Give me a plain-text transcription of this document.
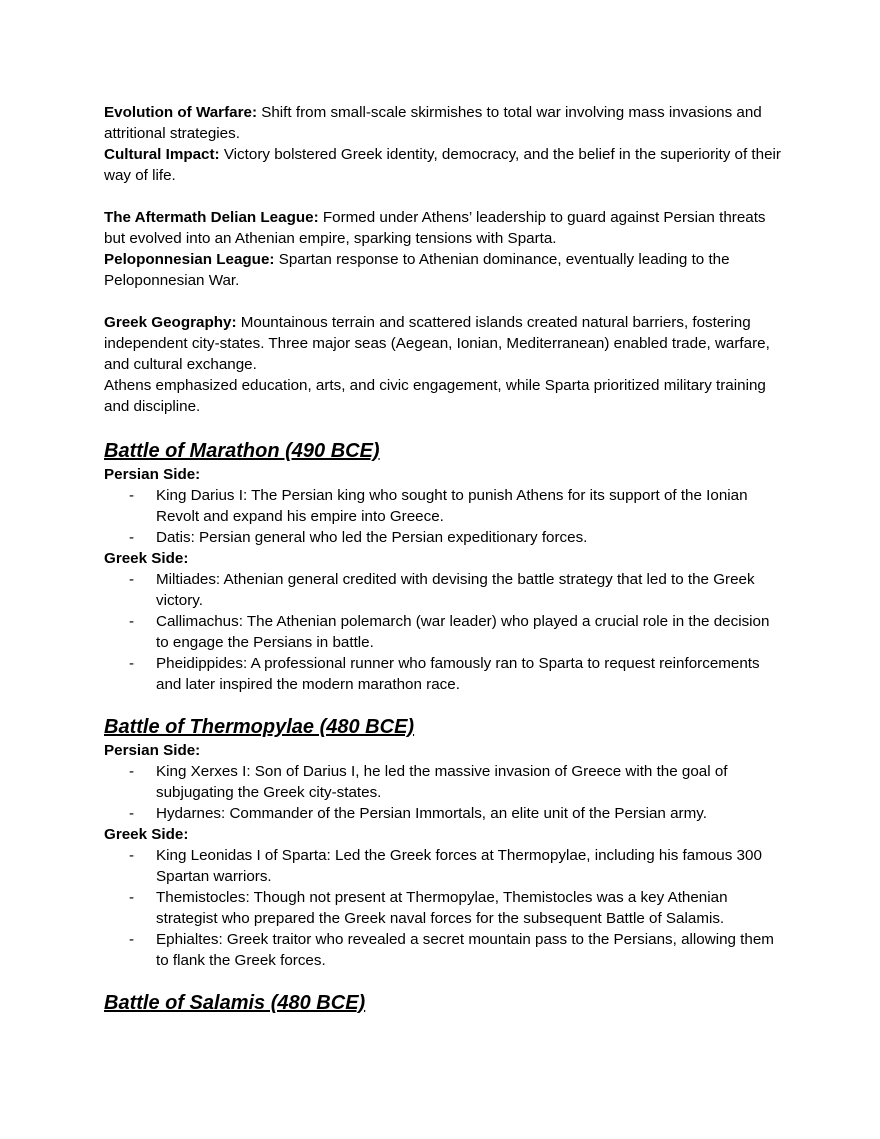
Evolution of Warfare: Shift from small-scale skirmishes to total war involving mass invasions and attritional strategies.

Cultural Impact: Victory bolstered Greek identity, democracy, and the belief in the superiority of their way of life.

The Aftermath Delian League: Formed under Athens’ leadership to guard against Persian threats but evolved into an Athenian empire, sparking tensions with Sparta.

Peloponnesian League: Spartan response to Athenian dominance, eventually leading to the Peloponnesian War.

Greek Geography: Mountainous terrain and scattered islands created natural barriers, fostering independent city-states. Three major seas (Aegean, Ionian, Mediterranean) enabled trade, warfare, and cultural exchange.

Athens emphasized education, arts, and civic engagement, while Sparta prioritized military training and discipline.

Battle of Marathon (490 BCE)

Persian Side:

- King Darius I: The Persian king who sought to punish Athens for its support of the Ionian Revolt and expand his empire into Greece.
- Datis: Persian general who led the Persian expeditionary forces.

Greek Side:

- Miltiades: Athenian general credited with devising the battle strategy that led to the Greek victory.
- Callimachus: The Athenian polemarch (war leader) who played a crucial role in the decision to engage the Persians in battle.
- Pheidippides: A professional runner who famously ran to Sparta to request reinforcements and later inspired the modern marathon race.
Battle of Thermopylae (480 BCE)

Persian Side:

- King Xerxes I: Son of Darius I, he led the massive invasion of Greece with the goal of subjugating the Greek city-states.
- Hydarnes: Commander of the Persian Immortals, an elite unit of the Persian army.

Greek Side:

- King Leonidas I of Sparta: Led the Greek forces at Thermopylae, including his famous 300 Spartan warriors.
- Themistocles: Though not present at Thermopylae, Themistocles was a key Athenian strategist who prepared the Greek naval forces for the subsequent Battle of Salamis.
- Ephialtes: Greek traitor who revealed a secret mountain pass to the Persians, allowing them to flank the Greek forces.
Battle of Salamis (480 BCE)
